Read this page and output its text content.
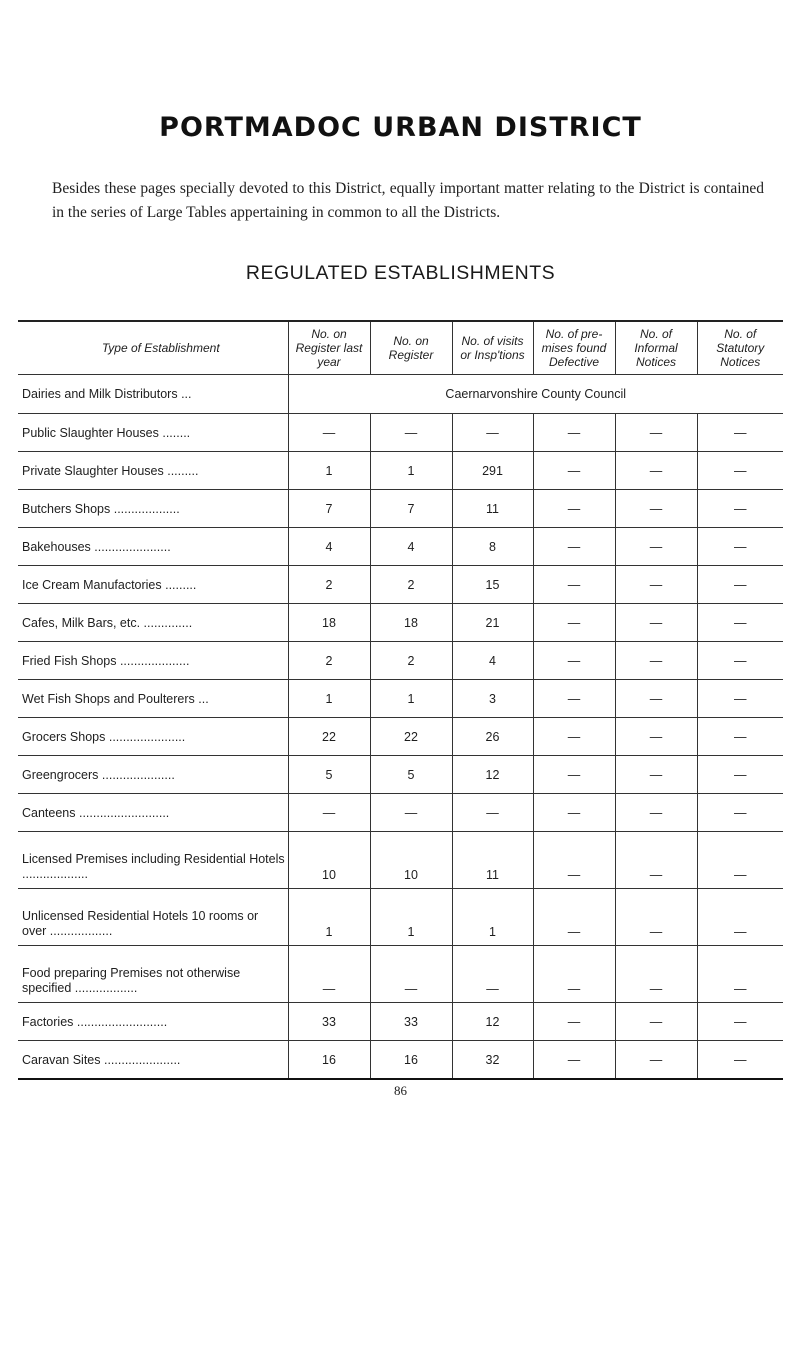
PORTMADOC URBAN DISTRICT
Besides these pages specially devoted to this District, equally important matter relating to the District is contained in the series of Large Tables appertaining in common to all the Districts.
REGULATED ESTABLISHMENTS
Type of Establishment	No. on Register last year	No. on Register	No. of visits or Insp'tions	No. of pre-mises found Defective	No. of Informal Notices	No. of Statutory Notices
Dairies and Milk Distributors ...	Caernarvonshire County Council					
Public Slaughter Houses ........	—	—	—	—	—	—
Private Slaughter Houses .........	1	1	291	—	—	—
Butchers Shops ...................	7	7	11	—	—	—
Bakehouses ......................	4	4	8	—	—	—
Ice Cream Manufactories .........	2	2	15	—	—	—
Cafes, Milk Bars, etc. ..............	18	18	21	—	—	—
Fried Fish Shops ....................	2	2	4	—	—	—
Wet Fish Shops and Poulterers ...	1	1	3	—	—	—
Grocers Shops ......................	22	22	26	—	—	—
Greengrocers .....................	5	5	12	—	—	—
Canteens ..........................	—	—	—	—	—	—
Licensed Premises including Residential Hotels ...................	10	10	11	—	—	—
Unlicensed Residential Hotels 10 rooms or over ..................	1	1	1	—	—	—
Food preparing Premises not otherwise specified ..................	—	—	—	—	—	—
Factories ..........................	33	33	12	—	—	—
Caravan Sites ......................	16	16	32	—	—	—
86
